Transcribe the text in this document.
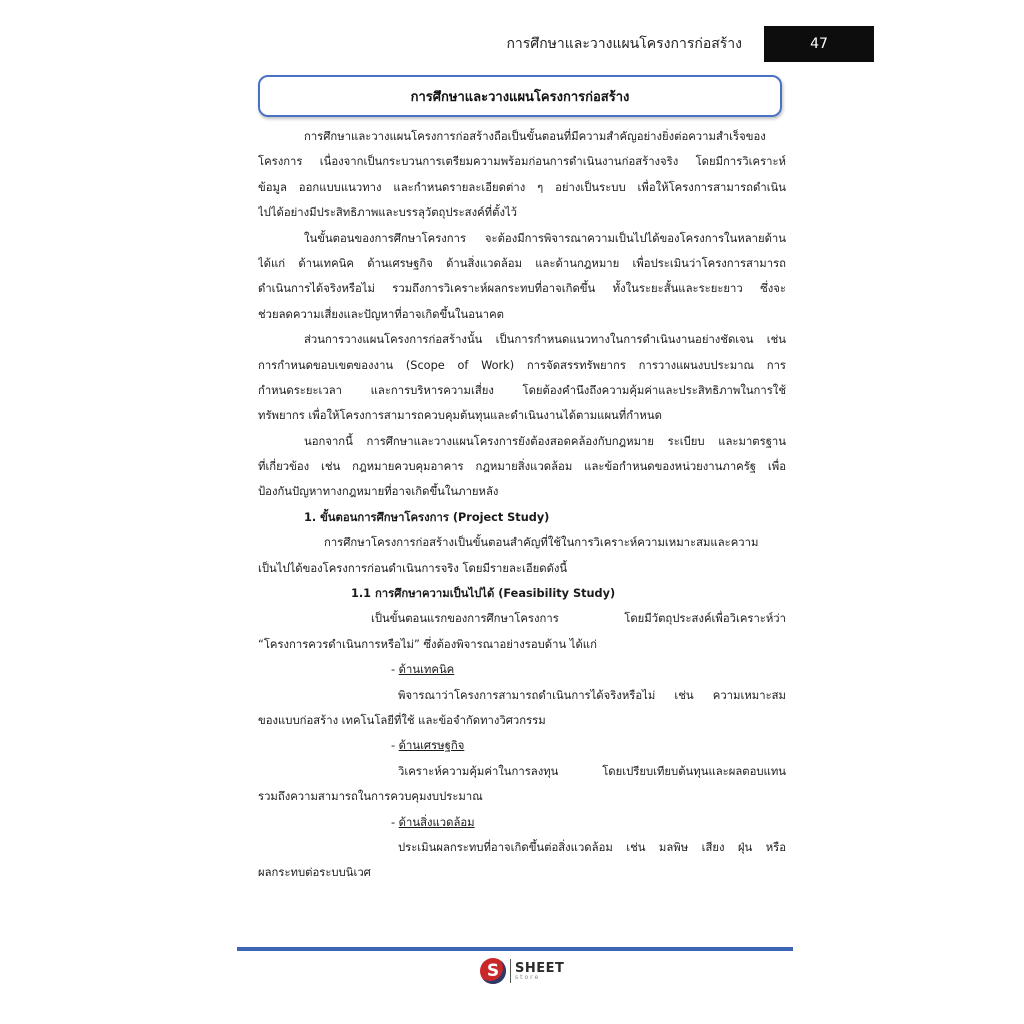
การศึกษาและวางแผนโครงการก่อสร้าง	47
การศึกษาและวางแผนโครงการก่อสร้าง
การศึกษาและวางแผนโครงการก่อสร้างถือเป็นขั้นตอนที่มีความสำคัญอย่างยิ่งต่อความสำเร็จของ
โครงการ เนื่องจากเป็นกระบวนการเตรียมความพร้อมก่อนการดำเนินงานก่อสร้างจริง โดยมีการวิเคราะห์
ข้อมูล ออกแบบแนวทาง และกำหนดรายละเอียดต่าง ๆ อย่างเป็นระบบ เพื่อให้โครงการสามารถดำเนิน
ไปได้อย่างมีประสิทธิภาพและบรรลุวัตถุประสงค์ที่ตั้งไว้
ในขั้นตอนของการศึกษาโครงการ จะต้องมีการพิจารณาความเป็นไปได้ของโครงการในหลายด้าน
ได้แก่ ด้านเทคนิค ด้านเศรษฐกิจ ด้านสิ่งแวดล้อม และด้านกฎหมาย เพื่อประเมินว่าโครงการสามารถ
ดำเนินการได้จริงหรือไม่ รวมถึงการวิเคราะห์ผลกระทบที่อาจเกิดขึ้น ทั้งในระยะสั้นและระยะยาว ซึ่งจะ
ช่วยลดความเสี่ยงและปัญหาที่อาจเกิดขึ้นในอนาคต
ส่วนการวางแผนโครงการก่อสร้างนั้น เป็นการกำหนดแนวทางในการดำเนินงานอย่างชัดเจน เช่น
การกำหนดขอบเขตของงาน (Scope of Work) การจัดสรรทรัพยากร การวางแผนงบประมาณ การ
กำหนดระยะเวลา และการบริหารความเสี่ยง โดยต้องคำนึงถึงความคุ้มค่าและประสิทธิภาพในการใช้
ทรัพยากร เพื่อให้โครงการสามารถควบคุมต้นทุนและดำเนินงานได้ตามแผนที่กำหนด
นอกจากนี้ การศึกษาและวางแผนโครงการยังต้องสอดคล้องกับกฎหมาย ระเบียบ และมาตรฐาน
ที่เกี่ยวข้อง เช่น กฎหมายควบคุมอาคาร กฎหมายสิ่งแวดล้อม และข้อกำหนดของหน่วยงานภาครัฐ เพื่อ
ป้องกันปัญหาทางกฎหมายที่อาจเกิดขึ้นในภายหลัง
1. ขั้นตอนการศึกษาโครงการ (Project Study)
การศึกษาโครงการก่อสร้างเป็นขั้นตอนสำคัญที่ใช้ในการวิเคราะห์ความเหมาะสมและความ
เป็นไปได้ของโครงการก่อนดำเนินการจริง โดยมีรายละเอียดดังนี้
1.1 การศึกษาความเป็นไปได้ (Feasibility Study)
เป็นขั้นตอนแรกของการศึกษาโครงการ โดยมีวัตถุประสงค์เพื่อวิเคราะห์ว่า
“โครงการควรดำเนินการหรือไม่” ซึ่งต้องพิจารณาอย่างรอบด้าน ได้แก่
- ด้านเทคนิค
พิจารณาว่าโครงการสามารถดำเนินการได้จริงหรือไม่ เช่น ความเหมาะสม
ของแบบก่อสร้าง เทคโนโลยีที่ใช้ และข้อจำกัดทางวิศวกรรม
- ด้านเศรษฐกิจ
วิเคราะห์ความคุ้มค่าในการลงทุน โดยเปรียบเทียบต้นทุนและผลตอบแทน
รวมถึงความสามารถในการควบคุมงบประมาณ
- ด้านสิ่งแวดล้อม
ประเมินผลกระทบที่อาจเกิดขึ้นต่อสิ่งแวดล้อม เช่น มลพิษ เสียง ฝุ่น หรือ
ผลกระทบต่อระบบนิเวศ
S	SHEET
store
